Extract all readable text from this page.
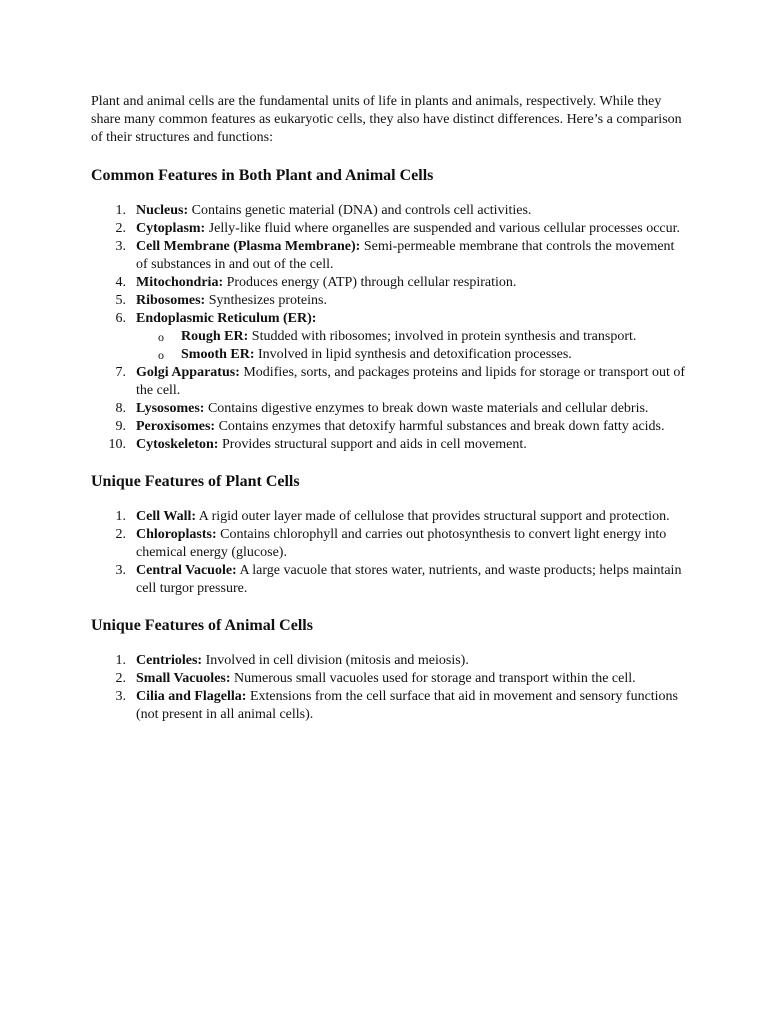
Plant and animal cells are the fundamental units of life in plants and animals, respectively. While they share many common features as eukaryotic cells, they also have distinct differences. Here’s a comparison of their structures and functions:

Common Features in Both Plant and Animal Cells
1. Nucleus: Contains genetic material (DNA) and controls cell activities.
2. Cytoplasm: Jelly-like fluid where organelles are suspended and various cellular processes occur.
3. Cell Membrane (Plasma Membrane): Semi-permeable membrane that controls the movement of substances in and out of the cell.
4. Mitochondria: Produces energy (ATP) through cellular respiration.
5. Ribosomes: Synthesizes proteins.
6. Endoplasmic Reticulum (ER):
o Rough ER: Studded with ribosomes; involved in protein synthesis and transport.
o Smooth ER: Involved in lipid synthesis and detoxification processes.
7. Golgi Apparatus: Modifies, sorts, and packages proteins and lipids for storage or transport out of the cell.
8. Lysosomes: Contains digestive enzymes to break down waste materials and cellular debris.
9. Peroxisomes: Contains enzymes that detoxify harmful substances and break down fatty acids.
10. Cytoskeleton: Provides structural support and aids in cell movement.
Unique Features of Plant Cells
1. Cell Wall: A rigid outer layer made of cellulose that provides structural support and protection.
2. Chloroplasts: Contains chlorophyll and carries out photosynthesis to convert light energy into chemical energy (glucose).
3. Central Vacuole: A large vacuole that stores water, nutrients, and waste products; helps maintain cell turgor pressure.
Unique Features of Animal Cells
1. Centrioles: Involved in cell division (mitosis and meiosis).
2. Small Vacuoles: Numerous small vacuoles used for storage and transport within the cell.
3. Cilia and Flagella: Extensions from the cell surface that aid in movement and sensory functions (not present in all animal cells).
